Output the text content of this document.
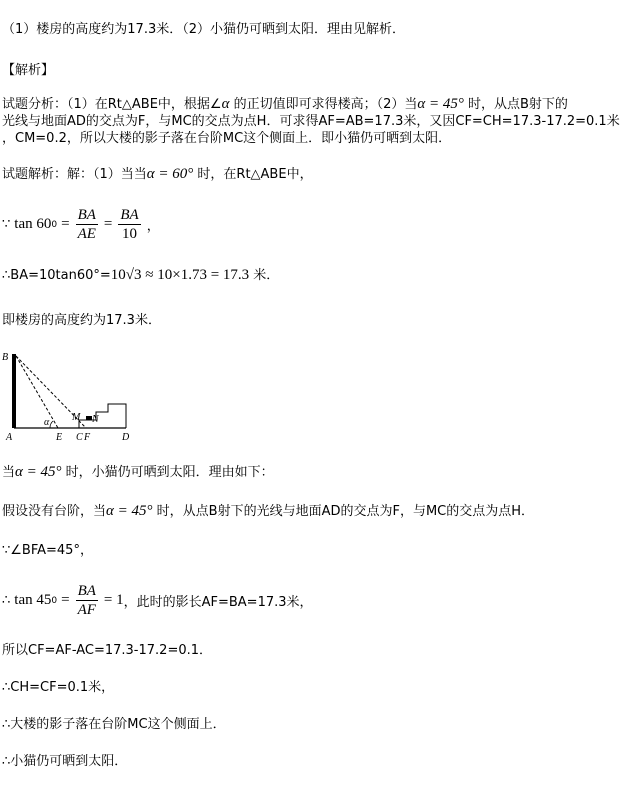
（1）楼房的高度约为17.3米．（2）小猫仍可晒到太阳．理由见解析．
【解析】
试题分析：（1）在Rt△ABE中，根据∠α 的正切值即可求得楼高；（2）当α = 45° 时，从点B射下的
光线与地面AD的交点为F，与MC的交点为点H．可求得AF=AB=17.3米，又因CF=CH=17.3-17.2=0.1米
，CM=0.2，所以大楼的影子落在台阶MC这个侧面上．即小猫仍可晒到太阳．
试题解析：解：（1）当当α = 60° 时，在Rt△ABE中，
∵ tan 60 $0 = \frac{BA}{AE} = \frac{BA}{10}$ ，
∴BA=10tan60°=10√3 ≈ 10×1.73 = 17.3 米．
即楼房的高度约为17.3米．
B
A	E C F	D
M N
α
当α = 45° 时，小猫仍可晒到太阳．理由如下：
假设没有台阶，当α = 45° 时，从点B射下的光线与地面AD的交点为F，与MC的交点为点H．
∵∠BFA=45°，
∴ tan 45 $0 = \frac{BA}{AF} = 1$ ，此时的影长AF=BA=17.3米，
所以CF=AF-AC=17.3-17.2=0.1．
∴CH=CF=0.1米，
∴大楼的影子落在台阶MC这个侧面上．
∴小猫仍可晒到太阳．
